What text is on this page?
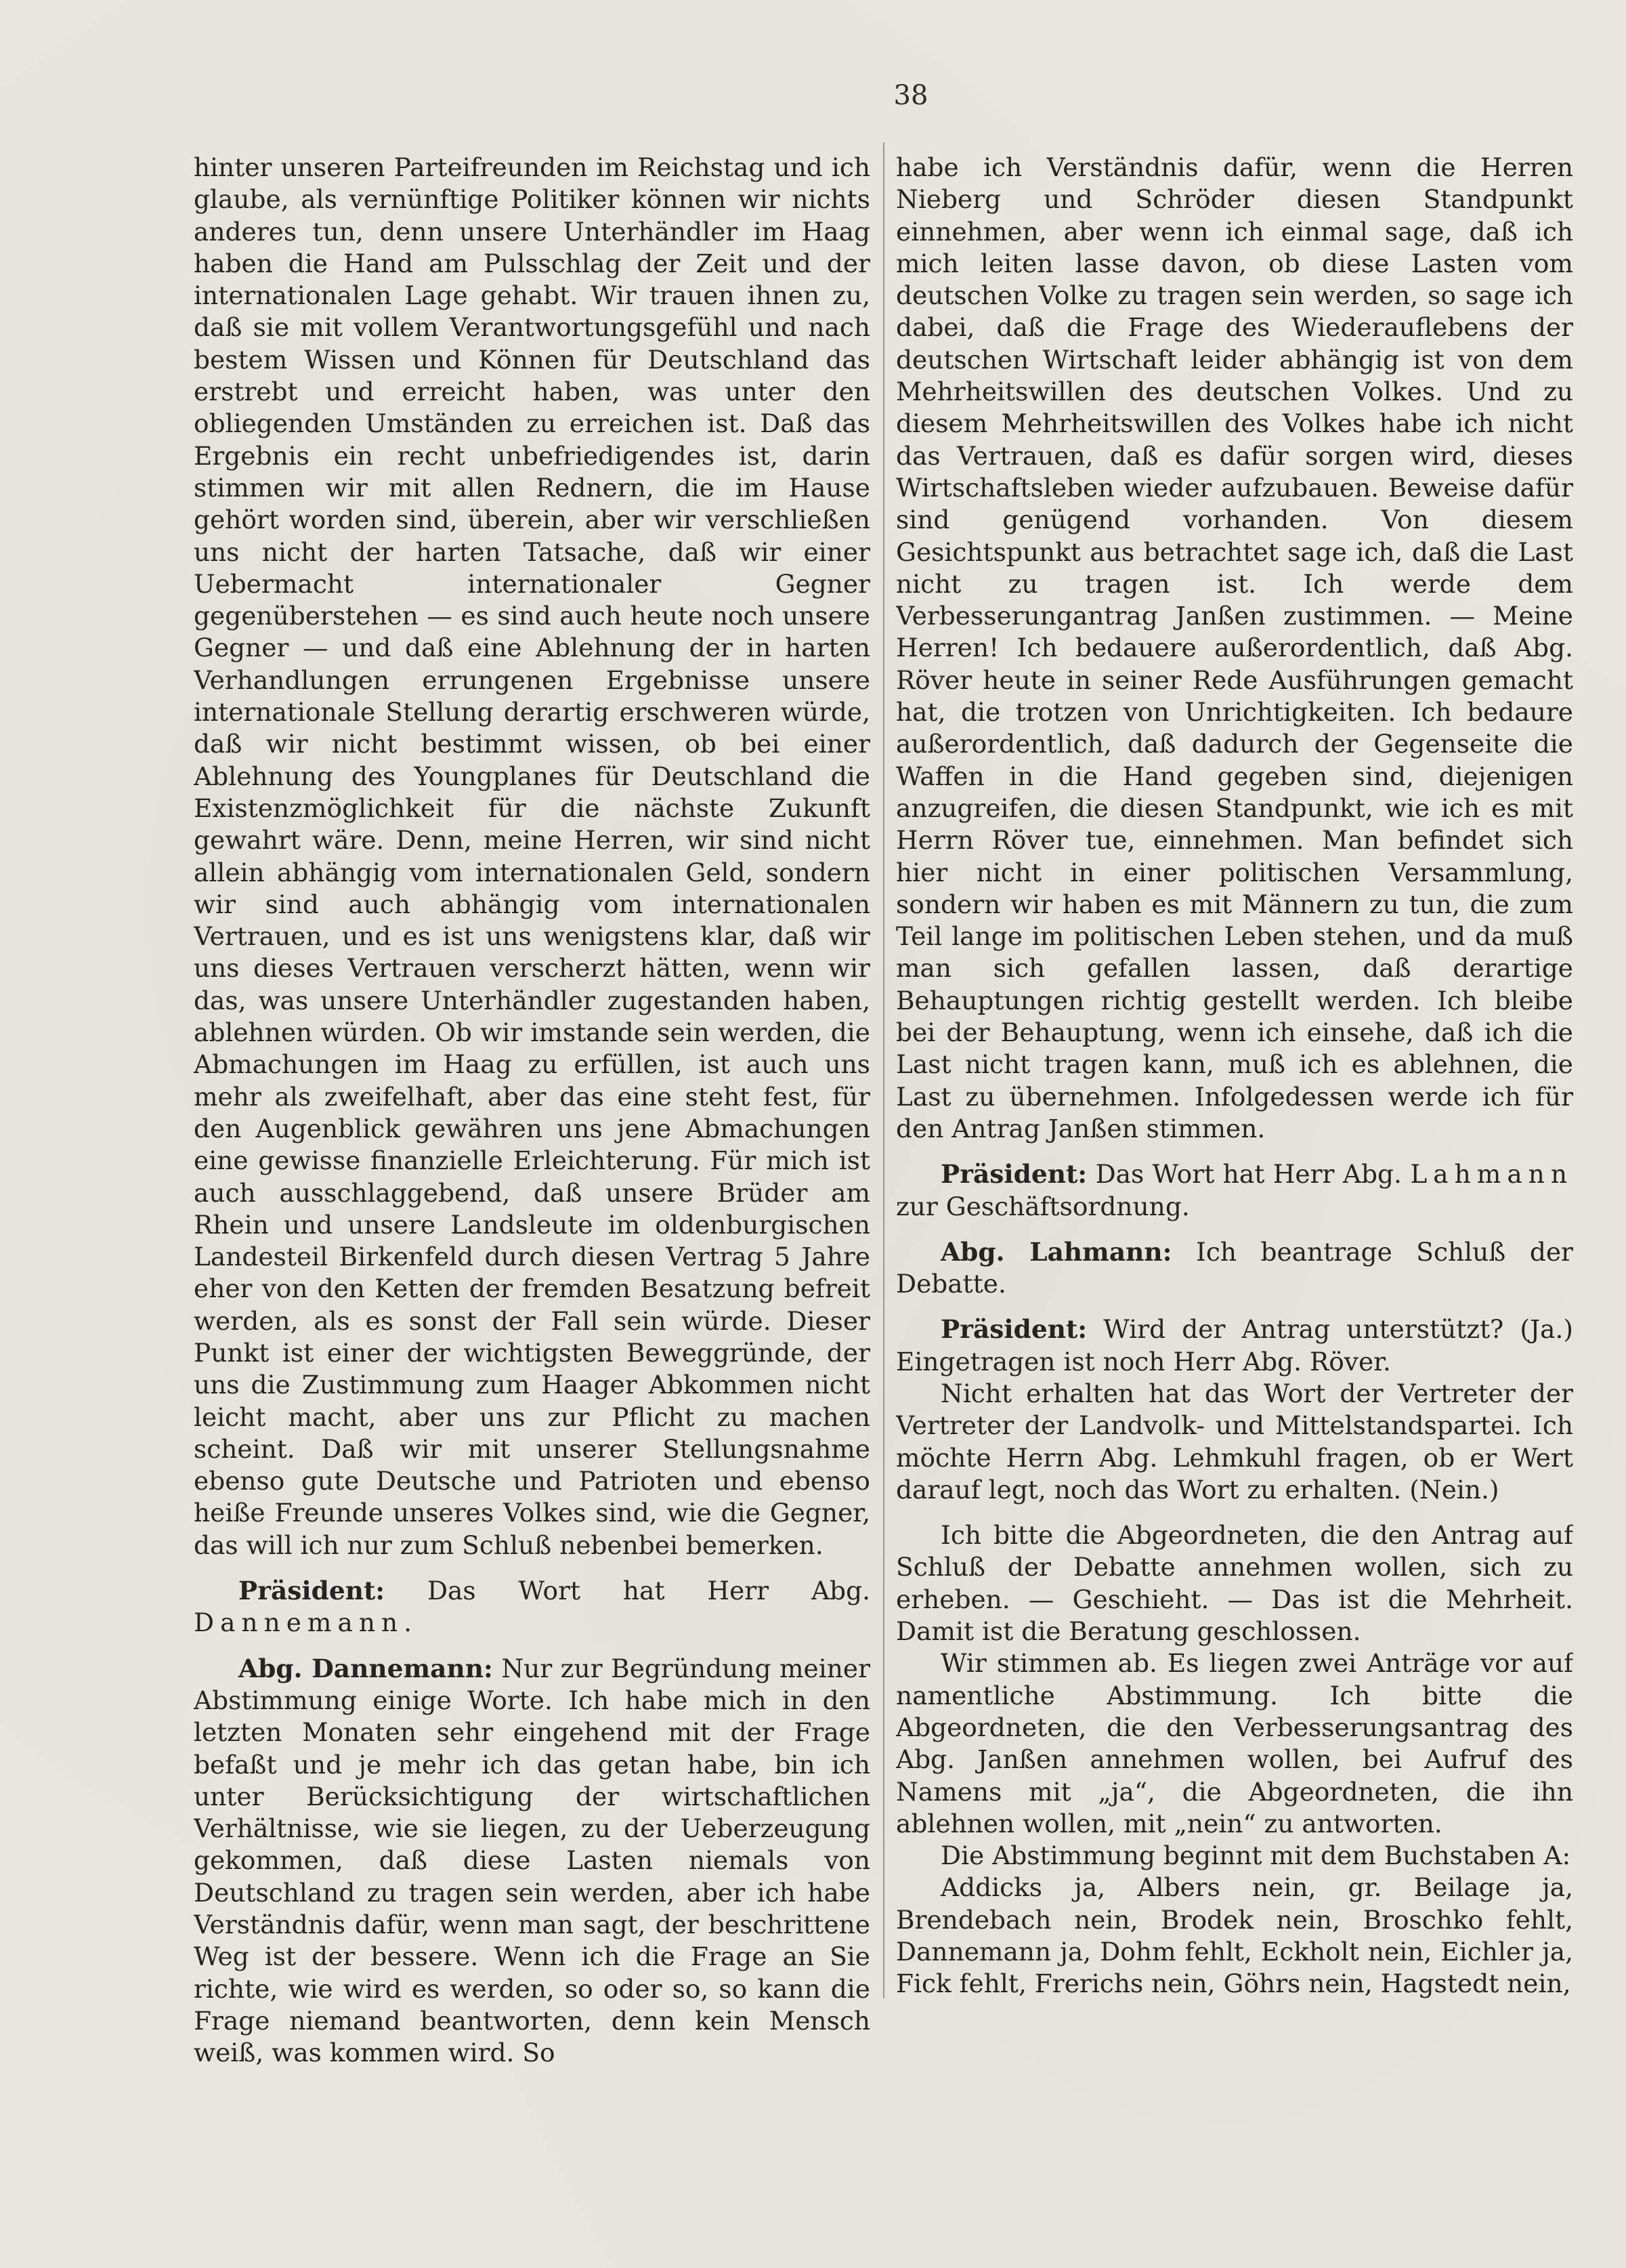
38

hinter unseren Parteifreunden im Reichstag und ich glaube, als vernünftige Politiker können wir nichts anderes tun, denn unsere Unterhändler im Haag haben die Hand am Pulsschlag der Zeit und der internationalen Lage gehabt. Wir trauen ihnen zu, daß sie mit vollem Verantwortungsgefühl und nach bestem Wissen und Können für Deutschland das erstrebt und erreicht haben, was unter den obliegenden Umständen zu erreichen ist. Daß das Ergebnis ein recht unbefriedigendes ist, darin stimmen wir mit allen Rednern, die im Hause gehört worden sind, überein, aber wir verschließen uns nicht der harten Tatsache, daß wir einer Uebermacht internationaler Gegner gegenüberstehen — es sind auch heute noch unsere Gegner — und daß eine Ablehnung der in harten Verhandlungen errungenen Ergebnisse unsere internationale Stellung derartig erschweren würde, daß wir nicht bestimmt wissen, ob bei einer Ablehnung des Youngplanes für Deutschland die Existenzmöglichkeit für die nächste Zukunft gewahrt wäre. Denn, meine Herren, wir sind nicht allein abhängig vom internationalen Geld, sondern wir sind auch abhängig vom internationalen Vertrauen, und es ist uns wenigstens klar, daß wir uns dieses Vertrauen verscherzt hätten, wenn wir das, was unsere Unterhändler zugestanden haben, ablehnen würden. Ob wir imstande sein werden, die Abmachungen im Haag zu erfüllen, ist auch uns mehr als zweifelhaft, aber das eine steht fest, für den Augenblick gewähren uns jene Abmachungen eine gewisse finanzielle Erleichterung. Für mich ist auch ausschlaggebend, daß unsere Brüder am Rhein und unsere Landsleute im oldenburgischen Landesteil Birkenfeld durch diesen Vertrag 5 Jahre eher von den Ketten der fremden Besatzung befreit werden, als es sonst der Fall sein würde. Dieser Punkt ist einer der wichtigsten Beweggründe, der uns die Zustimmung zum Haager Abkommen nicht leicht macht, aber uns zur Pflicht zu machen scheint. Daß wir mit unserer Stellungsnahme ebenso gute Deutsche und Patrioten und ebenso heiße Freunde unseres Volkes sind, wie die Gegner, das will ich nur zum Schluß nebenbei bemerken.

Präsident: Das Wort hat Herr Abg. Dannemann.

Abg. Dannemann: Nur zur Begründung meiner Abstimmung einige Worte. Ich habe mich in den letzten Monaten sehr eingehend mit der Frage befaßt und je mehr ich das getan habe, bin ich unter Berücksichtigung der wirtschaftlichen Verhältnisse, wie sie liegen, zu der Ueberzeugung gekommen, daß diese Lasten niemals von Deutschland zu tragen sein werden, aber ich habe Verständnis dafür, wenn man sagt, der beschrittene Weg ist der bessere. Wenn ich die Frage an Sie richte, wie wird es werden, so oder so, so kann die Frage niemand beantworten, denn kein Mensch weiß, was kommen wird. So

habe ich Verständnis dafür, wenn die Herren Nieberg und Schröder diesen Standpunkt einnehmen, aber wenn ich einmal sage, daß ich mich leiten lasse davon, ob diese Lasten vom deutschen Volke zu tragen sein werden, so sage ich dabei, daß die Frage des Wiederauflebens der deutschen Wirtschaft leider abhängig ist von dem Mehrheitswillen des deutschen Volkes. Und zu diesem Mehrheitswillen des Volkes habe ich nicht das Vertrauen, daß es dafür sorgen wird, dieses Wirtschaftsleben wieder aufzubauen. Beweise dafür sind genügend vorhanden. Von diesem Gesichtspunkt aus betrachtet sage ich, daß die Last nicht zu tragen ist. Ich werde dem Verbesserungantrag Janßen zustimmen. — Meine Herren! Ich bedauere außerordentlich, daß Abg. Röver heute in seiner Rede Ausführungen gemacht hat, die trotzen von Unrichtigkeiten. Ich bedaure außerordentlich, daß dadurch der Gegenseite die Waffen in die Hand gegeben sind, diejenigen anzugreifen, die diesen Standpunkt, wie ich es mit Herrn Röver tue, einnehmen. Man befindet sich hier nicht in einer politischen Versammlung, sondern wir haben es mit Männern zu tun, die zum Teil lange im politischen Leben stehen, und da muß man sich gefallen lassen, daß derartige Behauptungen richtig gestellt werden. Ich bleibe bei der Behauptung, wenn ich einsehe, daß ich die Last nicht tragen kann, muß ich es ablehnen, die Last zu übernehmen. Infolgedessen werde ich für den Antrag Janßen stimmen.

Präsident: Das Wort hat Herr Abg. Lahmann zur Geschäftsordnung.

Abg. Lahmann: Ich beantrage Schluß der Debatte.

Präsident: Wird der Antrag unterstützt? (Ja.) Eingetragen ist noch Herr Abg. Röver.

Nicht erhalten hat das Wort der Vertreter der Vertreter der Landvolk- und Mittelstandspartei. Ich möchte Herrn Abg. Lehmkuhl fragen, ob er Wert darauf legt, noch das Wort zu erhalten. (Nein.)

Ich bitte die Abgeordneten, die den Antrag auf Schluß der Debatte annehmen wollen, sich zu erheben. — Geschieht. — Das ist die Mehrheit. Damit ist die Beratung geschlossen.

Wir stimmen ab. Es liegen zwei Anträge vor auf namentliche Abstimmung. Ich bitte die Abgeordneten, die den Verbesserungsantrag des Abg. Janßen annehmen wollen, bei Aufruf des Namens mit „ja“, die Abgeordneten, die ihn ablehnen wollen, mit „nein“ zu antworten.

Die Abstimmung beginnt mit dem Buchstaben A:

Addicks ja, Albers nein, gr. Beilage ja, Brendebach nein, Brodek nein, Broschko fehlt, Dannemann ja, Dohm fehlt, Eckholt nein, Eichler ja, Fick fehlt, Frerichs nein, Göhrs nein, Hagstedt nein,
